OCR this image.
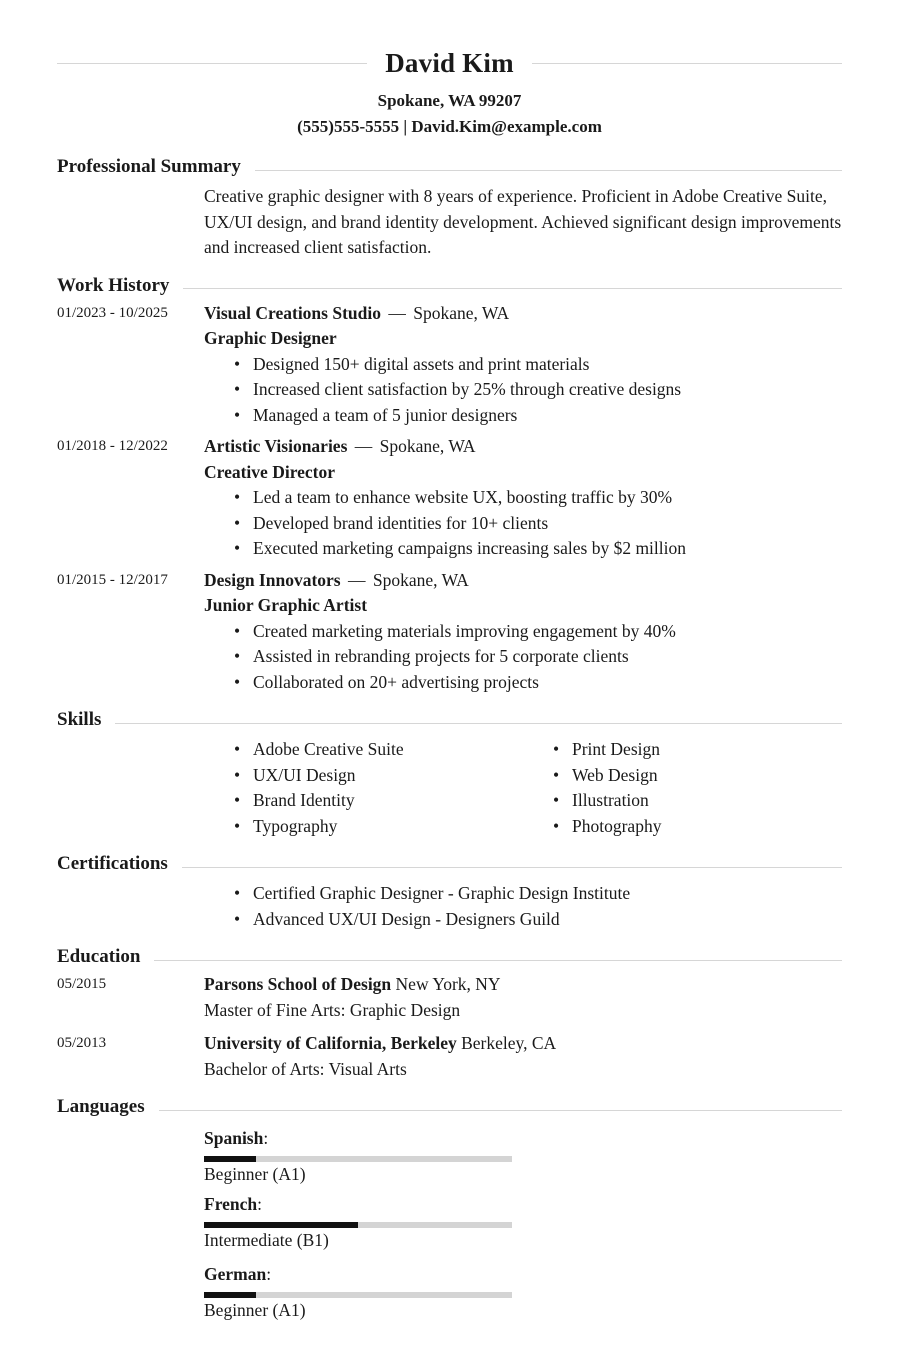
David Kim
Spokane, WA 99207
(555)555-5555 | David.Kim@example.com
Professional Summary
Creative graphic designer with 8 years of experience. Proficient in Adobe Creative Suite, UX/UI design, and brand identity development. Achieved significant design improvements and increased client satisfaction.
Work History
01/2023 - 10/2025	Visual Creations Studio — Spokane, WA
Graphic Designer
• Designed 150+ digital assets and print materials
• Increased client satisfaction by 25% through creative designs
• Managed a team of 5 junior designers
01/2018 - 12/2022	Artistic Visionaries — Spokane, WA
Creative Director
• Led a team to enhance website UX, boosting traffic by 30%
• Developed brand identities for 10+ clients
• Executed marketing campaigns increasing sales by $2 million
01/2015 - 12/2017	Design Innovators — Spokane, WA
Junior Graphic Artist
• Created marketing materials improving engagement by 40%
• Assisted in rebranding projects for 5 corporate clients
• Collaborated on 20+ advertising projects
Skills
• Adobe Creative Suite
• UX/UI Design
• Brand Identity
• Typography
• Print Design
• Web Design
• Illustration
• Photography
Certifications
• Certified Graphic Designer - Graphic Design Institute
• Advanced UX/UI Design - Designers Guild
Education
05/2015	Parsons School of Design New York, NY
Master of Fine Arts: Graphic Design
05/2013	University of California, Berkeley Berkeley, CA
Bachelor of Arts: Visual Arts
Languages
Spanish:
Beginner (A1)
French:
Intermediate (B1)
German:
Beginner (A1)
